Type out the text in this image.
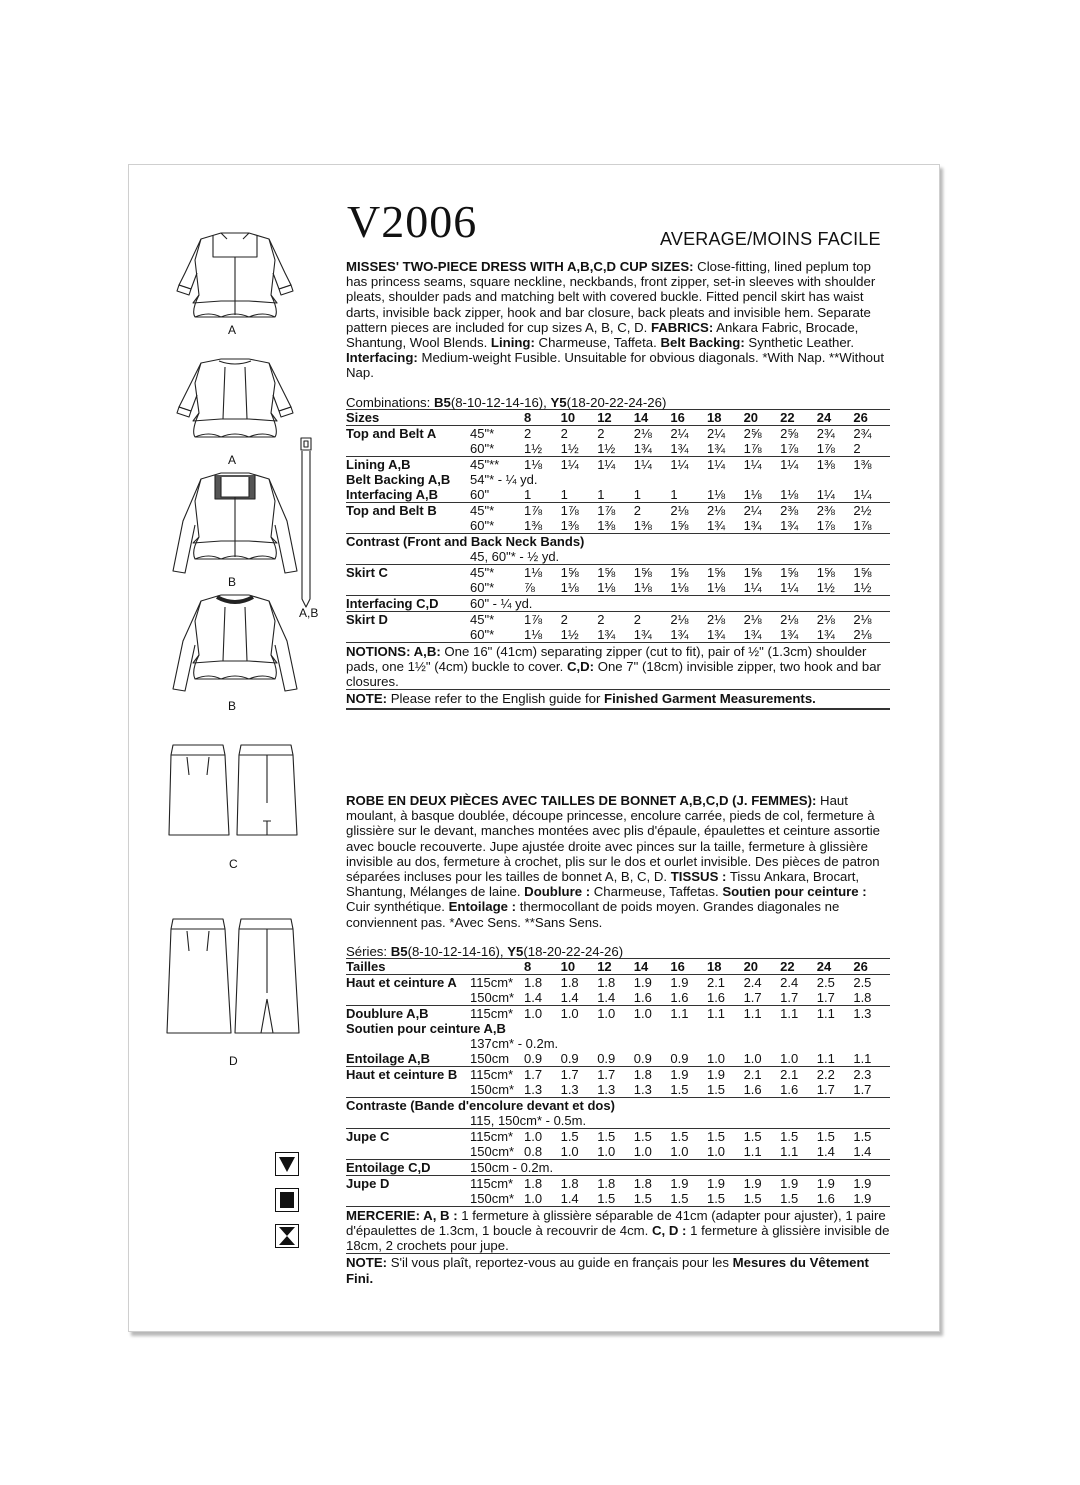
V2006	AVERAGE/MOINS FACILE
A
A
B
B
C
D
A,B

MISSES' TWO-PIECE DRESS WITH A,B,C,D CUP SIZES: Close-fitting, lined peplum top has princess seams, square neckline, neckbands, front zipper, set-in sleeves with shoulder pleats, shoulder pads and matching belt with covered buckle. Fitted pencil skirt has waist darts, invisible back zipper, hook and bar closure, back pleats and invisible hem. Separate pattern pieces are included for cup sizes A, B, C, D. FABRICS: Ankara Fabric, Brocade, Shantung, Wool Blends. Lining: Charmeuse, Taffeta. Belt Backing: Synthetic Leather. Interfacing: Medium-weight Fusible. Unsuitable for obvious diagonals. *With Nap. **Without Nap.

Combinations: B5(8-10-12-14-16), Y5(18-20-22-24-26)
Sizes		8	10	12	14	16	18	20	22	24	26
Top and Belt A	45"*	2	2	2	2⅛	2¼	2¼	2⅝	2⅝	2¾	2¾
	60"*	1½	1½	1½	1¾	1¾	1¾	1⅞	1⅞	1⅞	2
Lining A,B	45"**	1⅛	1¼	1¼	1¼	1¼	1¼	1¼	1¼	1⅜	1⅜
Belt Backing A,B	54"* - ¼ yd.										
Interfacing A,B	60"	1	1	1	1	1	1⅛	1⅛	1⅛	1¼	1¼
Top and Belt B	45"*	1⅞	1⅞	1⅞	2	2⅛	2⅛	2¼	2⅜	2⅜	2½
	60"*	1⅜	1⅜	1⅜	1⅜	1⅝	1¾	1¾	1¾	1⅞	1⅞
Contrast (Front and Back Neck Bands)											
	45, 60"* - ½ yd.										
Skirt C	45"*	1⅛	1⅝	1⅝	1⅝	1⅝	1⅝	1⅝	1⅝	1⅝	1⅝
	60"*	⅞	1⅛	1⅛	1⅛	1⅛	1⅛	1¼	1¼	1½	1½
Interfacing C,D	60" - ¼ yd.										
Skirt D	45"*	1⅞	2	2	2	2⅛	2⅛	2⅛	2⅛	2⅛	2⅛
	60"*	1⅛	1½	1¾	1¾	1¾	1¾	1¾	1¾	1¾	2⅛

NOTIONS: A,B: One 16" (41cm) separating zipper (cut to fit), pair of ½" (1.3cm) shoulder pads, one 1½" (4cm) buckle to cover. C,D: One 7" (18cm) invisible zipper, two hook and bar closures.

NOTE: Please refer to the English guide for Finished Garment Measurements.

ROBE EN DEUX PIÈCES AVEC TAILLES DE BONNET A,B,C,D (J. FEMMES): Haut moulant, à basque doublée, découpe princesse, encolure carrée, pieds de col, fermeture à glissière sur le devant, manches montées avec plis d'épaule, épaulettes et ceinture assortie avec boucle recouverte. Jupe ajustée droite avec pinces sur la taille, fermeture à glissière invisible au dos, fermeture à crochet, plis sur le dos et ourlet invisible. Des pièces de patron séparées incluses pour les tailles de bonnet A, B, C, D. TISSUS : Tissu Ankara, Brocart, Shantung, Mélanges de laine. Doublure : Charmeuse, Taffetas. Soutien pour ceinture : Cuir synthétique. Entoilage : thermocollant de poids moyen. Grandes diagonales ne conviennent pas. *Avec Sens. **Sans Sens.

Séries: B5(8-10-12-14-16), Y5(18-20-22-24-26)
Tailles		8	10	12	14	16	18	20	22	24	26
Haut et ceinture A	115cm*	1.8	1.8	1.8	1.9	1.9	2.1	2.4	2.4	2.5	2.5
	150cm*	1.4	1.4	1.4	1.6	1.6	1.6	1.7	1.7	1.7	1.8
Doublure A,B	115cm*	1.0	1.0	1.0	1.0	1.1	1.1	1.1	1.1	1.1	1.3
Soutien pour ceinture A,B											
	137cm* - 0.2m.										
Entoilage A,B	150cm	0.9	0.9	0.9	0.9	0.9	1.0	1.0	1.0	1.1	1.1
Haut et ceinture B	115cm*	1.7	1.7	1.7	1.8	1.9	1.9	2.1	2.1	2.2	2.3
	150cm*	1.3	1.3	1.3	1.3	1.5	1.5	1.6	1.6	1.7	1.7
Contraste (Bande d'encolure devant et dos)											
	115, 150cm* - 0.5m.										
Jupe C	115cm*	1.0	1.5	1.5	1.5	1.5	1.5	1.5	1.5	1.5	1.5
	150cm*	0.8	1.0	1.0	1.0	1.0	1.0	1.1	1.1	1.4	1.4
Entoilage C,D	150cm - 0.2m.										
Jupe D	115cm*	1.8	1.8	1.8	1.8	1.9	1.9	1.9	1.9	1.9	1.9
	150cm*	1.0	1.4	1.5	1.5	1.5	1.5	1.5	1.5	1.6	1.9

MERCERIE: A, B : 1 fermeture à glissière séparable de 41cm (adapter pour ajuster), 1 paire d'épaulettes de 1.3cm, 1 boucle à recouvrir de 4cm. C, D : 1 fermeture à glissière invisible de 18cm, 2 crochets pour jupe.

NOTE: S'il vous plaît, reportez-vous au guide en français pour les Mesures du Vêtement Fini.
